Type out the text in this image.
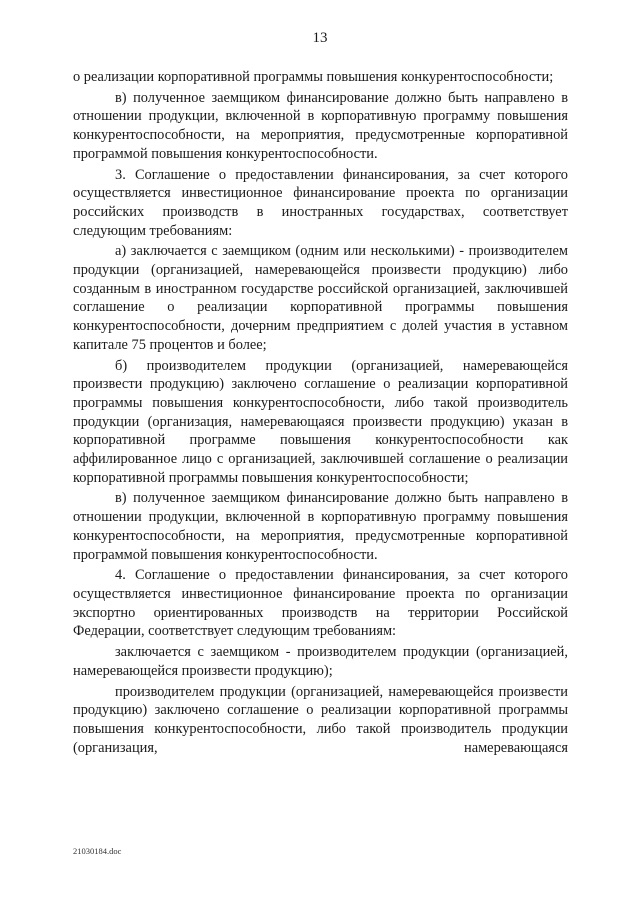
13

о реализации корпоративной программы повышения конкурентоспособности;

в) полученное заемщиком финансирование должно быть направлено в отношении продукции, включенной в корпоративную программу повышения конкурентоспособности, на мероприятия, предусмотренные корпоративной программой повышения конкурентоспособности.

3. Соглашение о предоставлении финансирования, за счет которого осуществляется инвестиционное финансирование проекта по организации российских производств в иностранных государствах, соответствует следующим требованиям:

а) заключается с заемщиком (одним или несколькими) - производителем продукции (организацией, намеревающейся произвести продукцию) либо созданным в иностранном государстве российской организацией, заключившей соглашение о реализации корпоративной программы повышения конкурентоспособности, дочерним предприятием с долей участия в уставном капитале 75 процентов и более;

б) производителем продукции (организацией, намеревающейся произвести продукцию) заключено соглашение о реализации корпоративной программы повышения конкурентоспособности, либо такой производитель продукции (организация, намеревающаяся произвести продукцию) указан в корпоративной программе повышения конкурентоспособности как аффилированное лицо с организацией, заключившей соглашение о реализации корпоративной программы повышения конкурентоспособности;

в) полученное заемщиком финансирование должно быть направлено в отношении продукции, включенной в корпоративную программу повышения конкурентоспособности, на мероприятия, предусмотренные корпоративной программой повышения конкурентоспособности.

4. Соглашение о предоставлении финансирования, за счет которого осуществляется инвестиционное финансирование проекта по организации экспортно ориентированных производств на территории Российской Федерации, соответствует следующим требованиям:

заключается с заемщиком - производителем продукции (организацией, намеревающейся произвести продукцию);

производителем продукции (организацией, намеревающейся произвести продукцию) заключено соглашение о реализации корпоративной программы повышения конкурентоспособности, либо такой производитель продукции (организация, намеревающаяся

21030184.doc
